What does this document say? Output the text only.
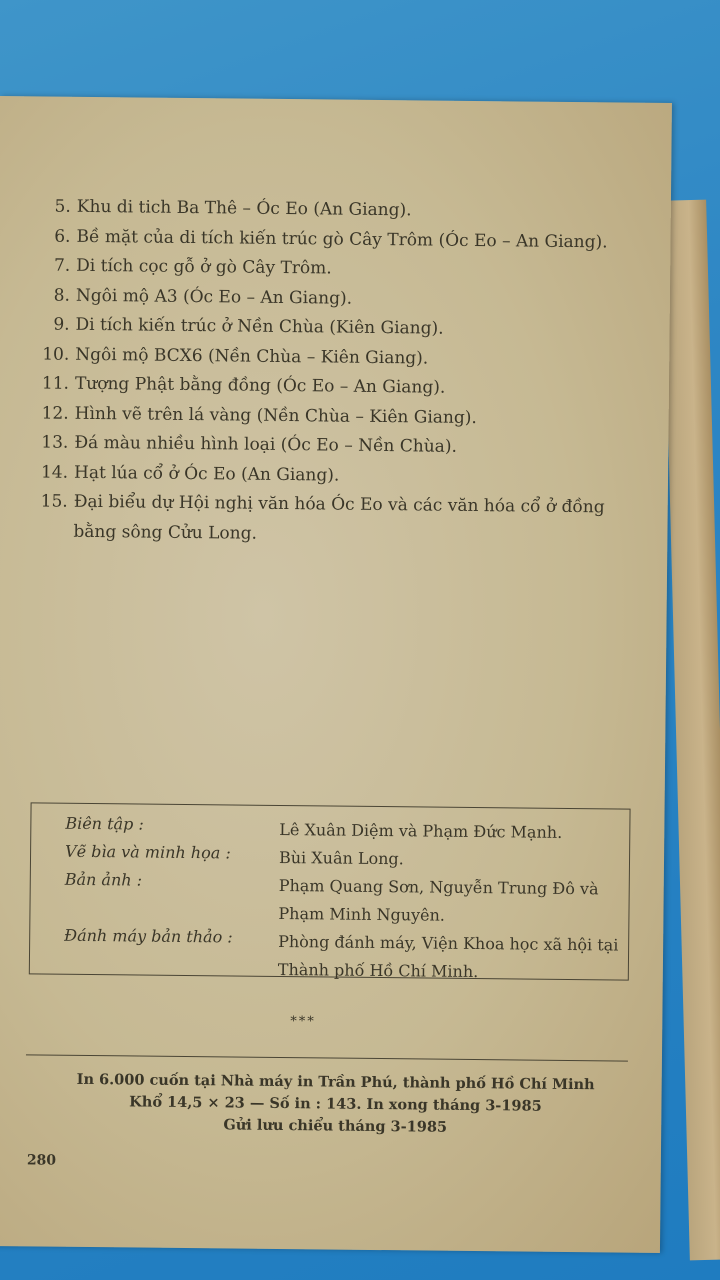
5. Khu di tich Ba Thê – Óc Eo (An Giang).
6. Bề mặt của di tích kiến trúc gò Cây Trôm (Óc Eo – An Giang).
7. Di tích cọc gỗ ở gò Cây Trôm.
8. Ngôi mộ A3 (Óc Eo – An Giang).
9. Di tích kiến trúc ở Nền Chùa (Kiên Giang).
10. Ngôi mộ BCX6 (Nền Chùa – Kiên Giang).
11. Tượng Phật bằng đồng (Óc Eo – An Giang).
12. Hình vẽ trên lá vàng (Nền Chùa – Kiên Giang).
13. Đá màu nhiều hình loại (Óc Eo – Nền Chùa).
14. Hạt lúa cổ ở Óc Eo (An Giang).
15. Đại biểu dự Hội nghị văn hóa Óc Eo và các văn hóa cổ ở đồng bằng sông Cửu Long.
Biên tập :	Lê Xuân Diệm và Phạm Đức Mạnh.
Vẽ bìa và minh họa :	Bùi Xuân Long.
Bản ảnh :	Phạm Quang Sơn, Nguyễn Trung Đô và Phạm Minh Nguyên.
Đánh máy bản thảo :	Phòng đánh máy, Viện Khoa học xã hội tại Thành phố Hồ Chí Minh.
***
In 6.000 cuốn tại Nhà máy in Trần Phú, thành phố Hồ Chí Minh
Khổ 14,5 × 23 — Số in : 143. In xong tháng 3-1985
Gửi lưu chiểu tháng 3-1985
280
